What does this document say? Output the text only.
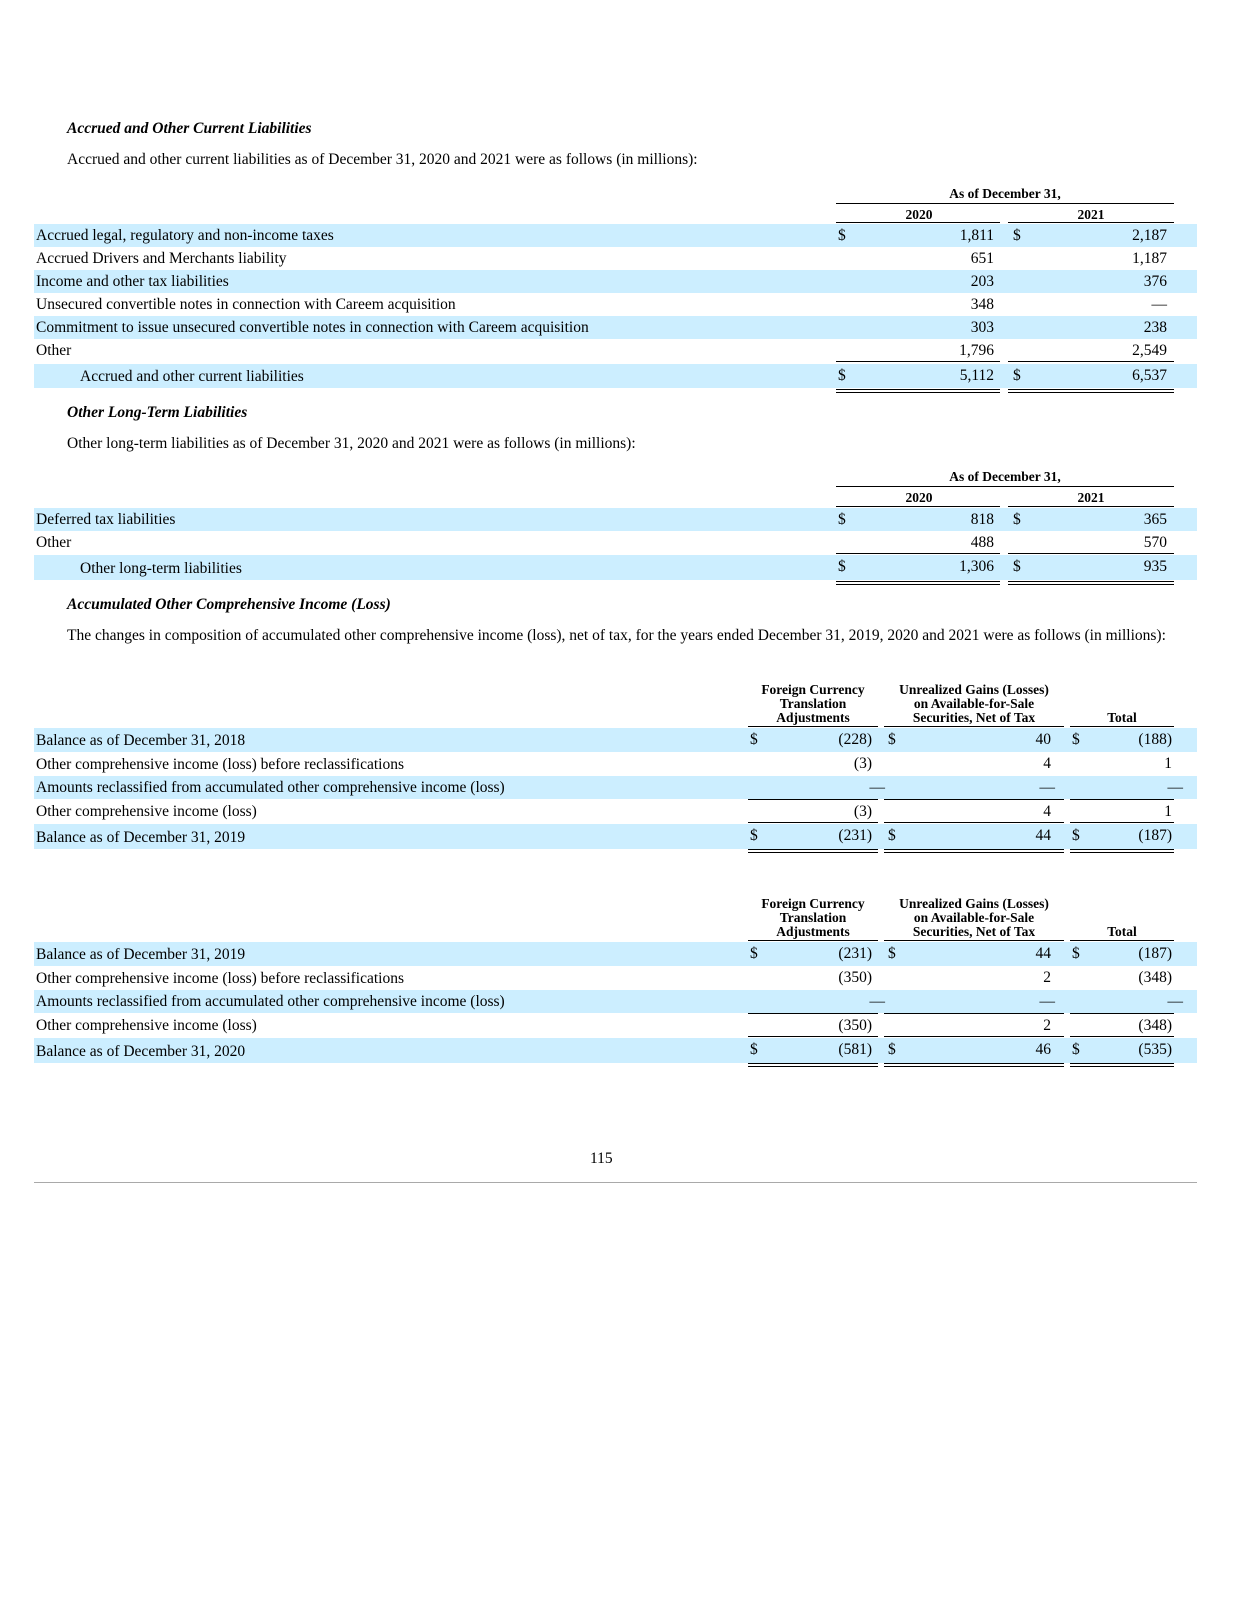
Accrued and Other Current Liabilities
Accrued and other current liabilities as of December 31, 2020 and 2021 were as follows (in millions):
As of December 31,
2020	2021
Accrued legal, regulatory and non-income taxes	$	1,811 $	2,187
Accrued Drivers and Merchants liability	651	1,187
Income and other tax liabilities	203	376
Unsecured convertible notes in connection with Careem acquisition	348	—
Commitment to issue unsecured convertible notes in connection with Careem acquisition	303	238
Other	1,796	2,549
Accrued and other current liabilities	$	5,112 $	6,537
Other Long-Term Liabilities
Other long-term liabilities as of December 31, 2020 and 2021 were as follows (in millions):
As of December 31,
2020	2021
Deferred tax liabilities	$	818 $	365
Other	488	570
Other long-term liabilities	$	1,306 $	935
Accumulated Other Comprehensive Income (Loss)
The changes in composition of accumulated other comprehensive income (loss), net of tax, for the years ended December 31, 2019, 2020 and 2021 were as follows (in millions):
Foreign Currency
Translation
Adjustments
Unrealized Gains (Losses)
on Available-for-Sale
Securities, Net of Tax	Total
Balance as of December 31, 2018	$	(228) $	40 $	(188)
Other comprehensive income (loss) before reclassifications	(3)	4	1
Amounts reclassified from accumulated other comprehensive income (loss)	—	—	—
Other comprehensive income (loss)	(3)	4	1
Balance as of December 31, 2019	$	(231) $	44 $	(187)
Foreign Currency
Translation
Adjustments
Unrealized Gains (Losses)
on Available-for-Sale
Securities, Net of Tax	Total
Balance as of December 31, 2019	$	(231) $	44 $	(187)
Other comprehensive income (loss) before reclassifications	(350)	2	(348)
Amounts reclassified from accumulated other comprehensive income (loss)	—	—	—
Other comprehensive income (loss)	(350)	2	(348)
Balance as of December 31, 2020	$	(581) $	46 $	(535)
115
